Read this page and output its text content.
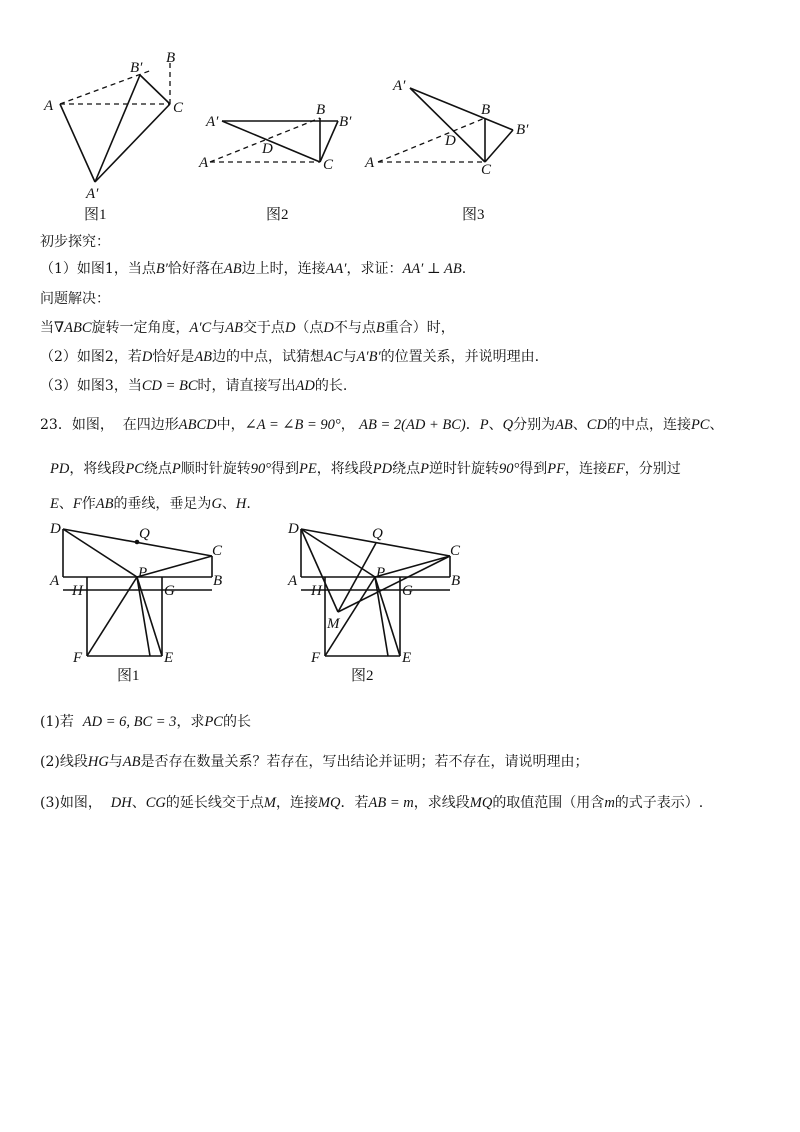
A
B′
B
C
A′
A′
B
B′
D
A	C
A′
B
B′
D
A	C
图1	图2	图3
初步探究：
（1）如图1，当点B′恰好落在AB边上时，连接AA′，求证：AA′ ⊥ AB.
问题解决：
当∇ABC旋转一定角度，A′C与AB交于点D（点D不与点B重合）时，
（2）如图2，若D恰好是AB边的中点，试猜想AC与A′B′的位置关系，并说明理由.
（3）如图3，当CD = BC时，请直接写出AD的长.
23．如图， 在四边形ABCD中，∠A = ∠B = 90°， AB = 2(AD + BC)．P、Q分别为AB、CD的中点，连接PC、
PD，将线段PC绕点P顺时针旋转90°得到PE，将线段PD绕点P逆时针旋转90°得到PF，连接EF，分别过
E、F作AB的垂线，垂足为G、H.
D	Q
C
A	P	B
H	G
F	E
D	Q
C
A	P	B
H	G
M
F	E
图1	图2
(1)若 AD = 6, BC = 3，求PC的长
(2)线段HG与AB是否存在数量关系？若存在，写出结论并证明；若不存在，请说明理由；
(3)如图， DH、CG的延长线交于点M，连接MQ．若AB = m，求线段MQ的取值范围（用含m的式子表示）.
